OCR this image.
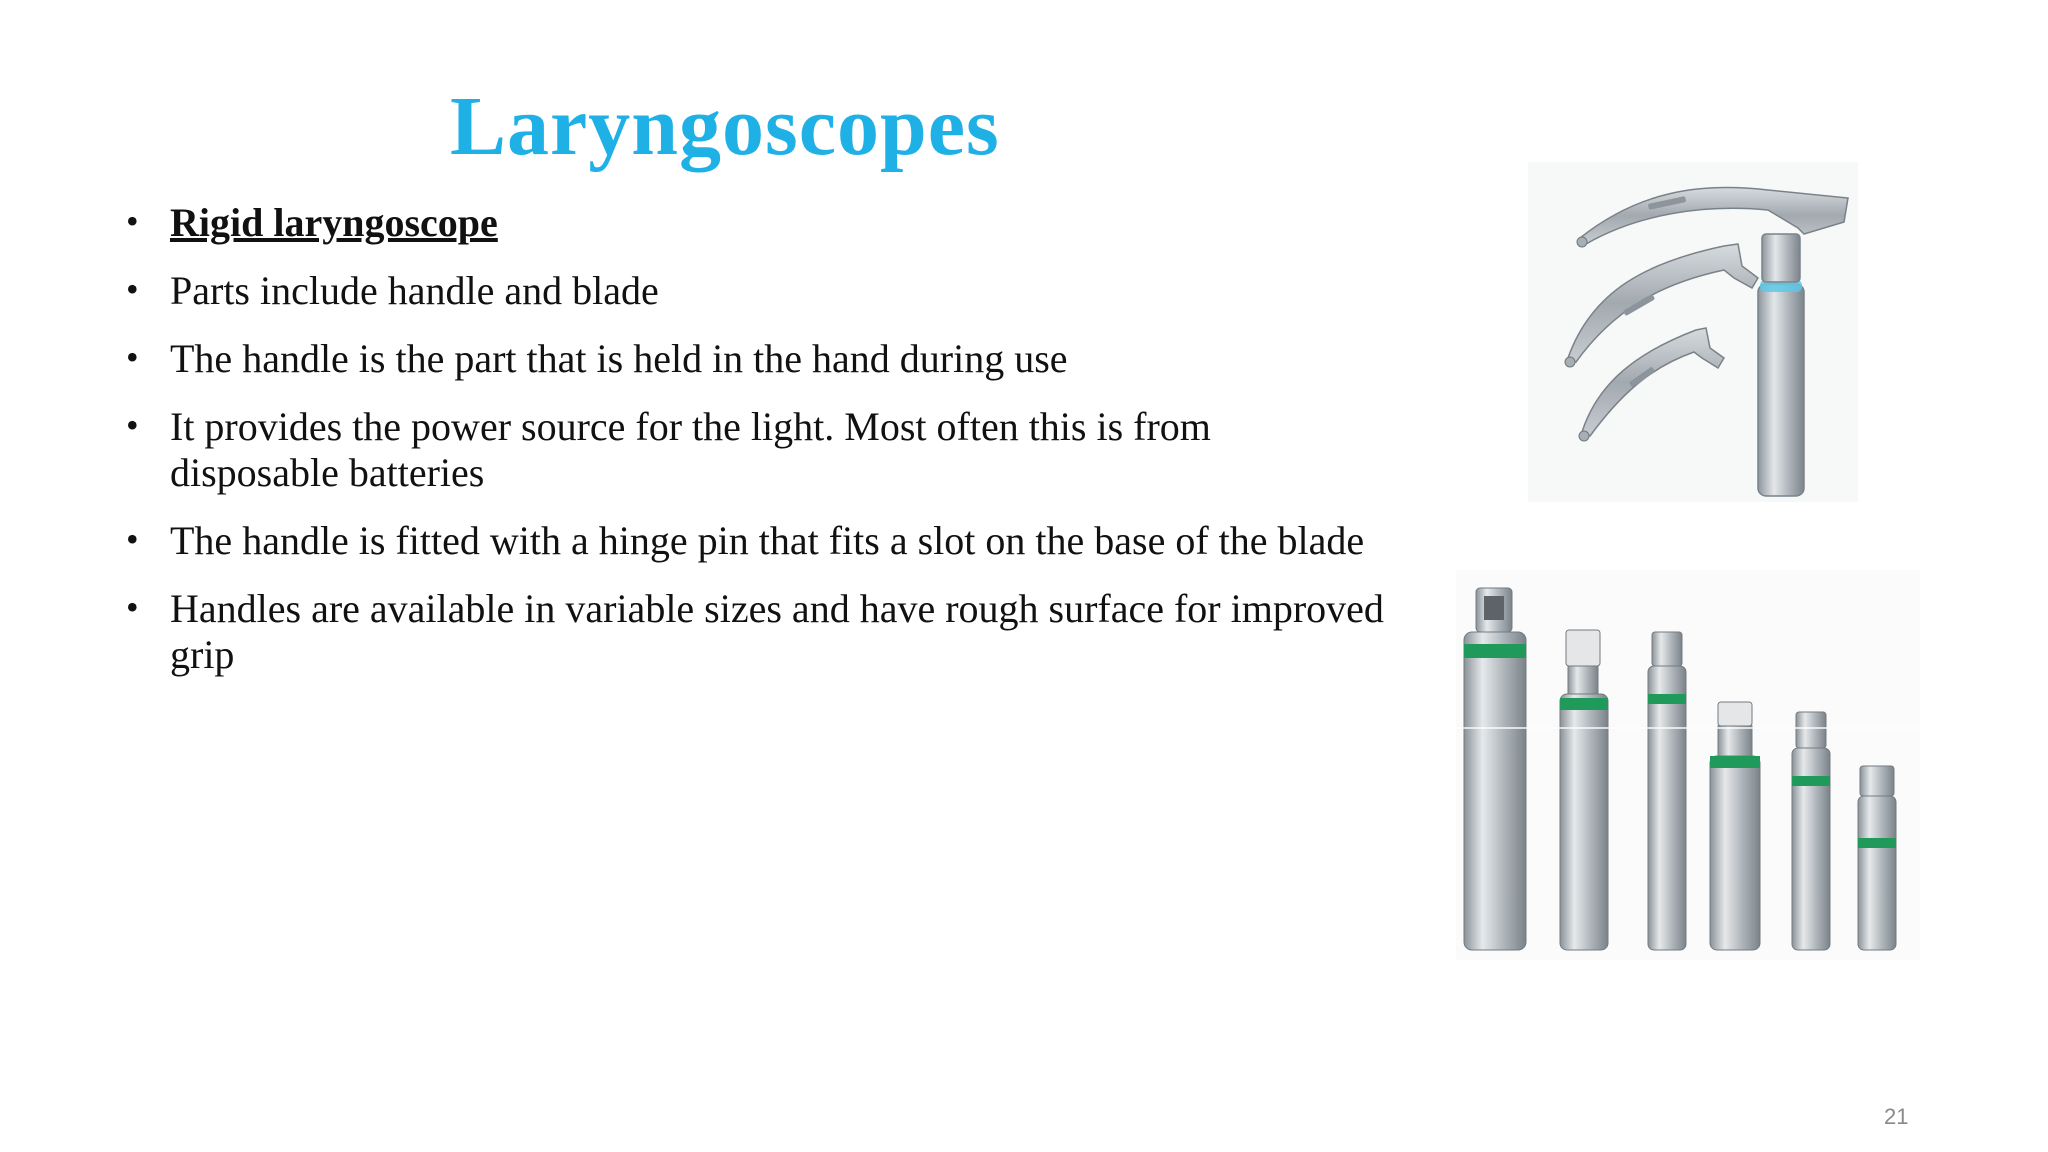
Laryngoscopes
• Rigid laryngoscope
• Parts include handle and blade
• The handle is the part that is held in the hand during use
• It provides the power source for the light. Most often this is from disposable batteries
• The handle is fitted with a hinge pin that fits a slot on the base of the blade
• Handles are available in variable sizes and have rough surface for improved grip
21
